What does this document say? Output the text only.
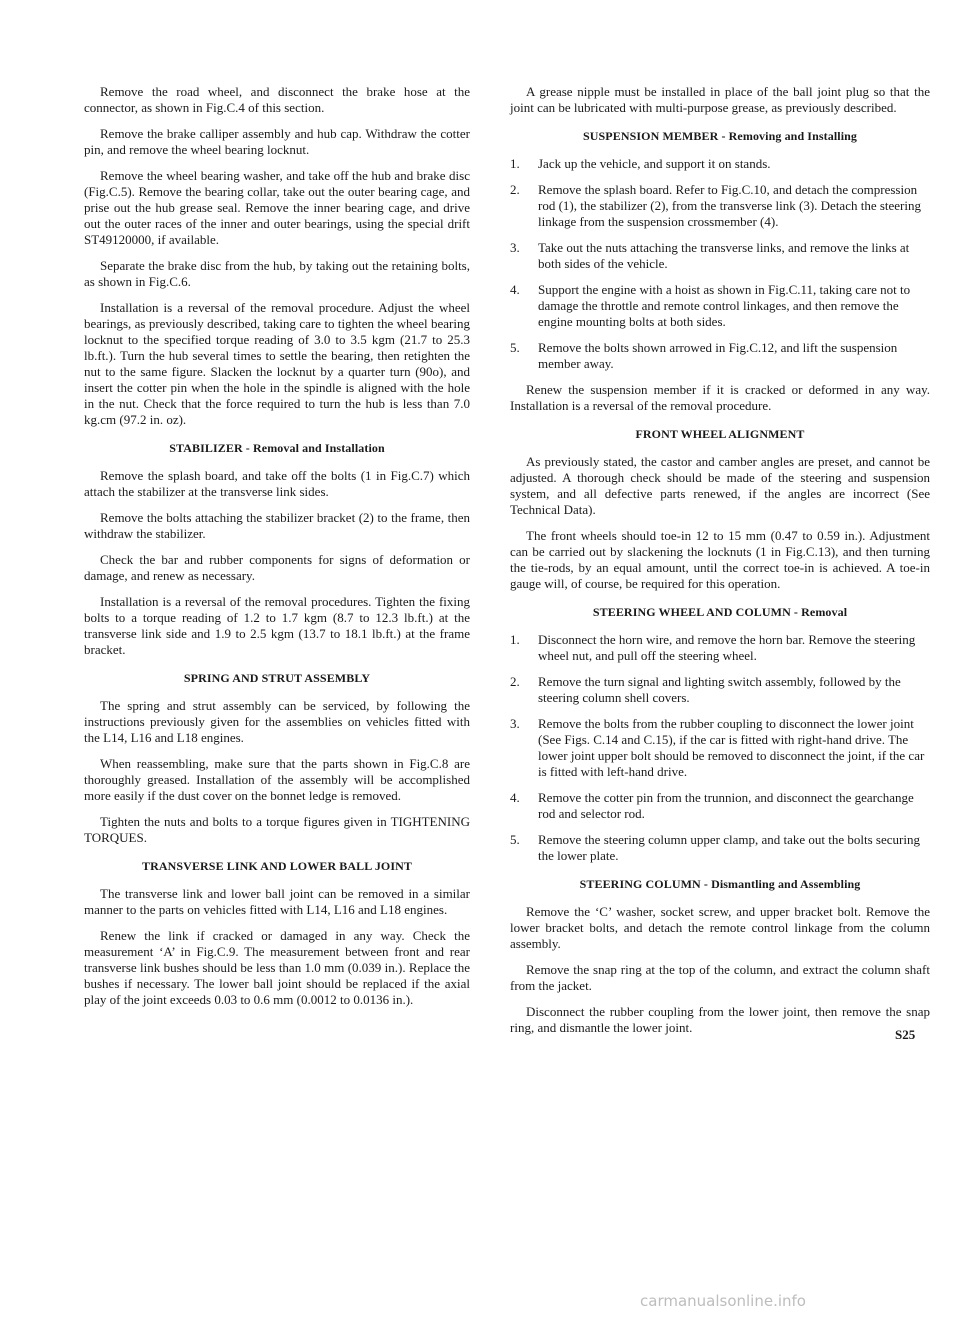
Remove the road wheel, and disconnect the brake hose at the connector, as shown in Fig.C.4 of this section.

Remove the brake calliper assembly and hub cap. Withdraw the cotter pin, and remove the wheel bearing locknut.

Remove the wheel bearing washer, and take off the hub and brake disc (Fig.C.5). Remove the bearing collar, take out the outer bearing cage, and prise out the hub grease seal. Remove the inner bearing cage, and drive out the outer races of the inner and outer bearings, using the special drift ST49120000, if available.

Separate the brake disc from the hub, by taking out the retaining bolts, as shown in Fig.C.6.

Installation is a reversal of the removal procedure. Adjust the wheel bearings, as previously described, taking care to tighten the wheel bearing locknut to the specified torque reading of 3.0 to 3.5 kgm (21.7 to 25.3 lb.ft.). Turn the hub several times to settle the bearing, then retighten the nut to the same figure. Slacken the locknut by a quarter turn (90o), and insert the cotter pin when the hole in the spindle is aligned with the hole in the nut. Check that the force required to turn the hub is less than 7.0 kg.cm (97.2 in. oz).

STABILIZER - Removal and Installation

Remove the splash board, and take off the bolts (1 in Fig.C.7) which attach the stabilizer at the transverse link sides.

Remove the bolts attaching the stabilizer bracket (2) to the frame, then withdraw the stabilizer.

Check the bar and rubber components for signs of deformation or damage, and renew as necessary.

Installation is a reversal of the removal procedures. Tighten the fixing bolts to a torque reading of 1.2 to 1.7 kgm (8.7 to 12.3 lb.ft.) at the transverse link side and 1.9 to 2.5 kgm (13.7 to 18.1 lb.ft.) at the frame bracket.

SPRING AND STRUT ASSEMBLY

The spring and strut assembly can be serviced, by following the instructions previously given for the assemblies on vehicles fitted with the L14, L16 and L18 engines.

When reassembling, make sure that the parts shown in Fig.C.8 are thoroughly greased. Installation of the assembly will be accomplished more easily if the dust cover on the bonnet ledge is removed.

Tighten the nuts and bolts to a torque figures given in TIGHTENING TORQUES.

TRANSVERSE LINK AND LOWER BALL JOINT

The transverse link and lower ball joint can be removed in a similar manner to the parts on vehicles fitted with L14, L16 and L18 engines.

Renew the link if cracked or damaged in any way. Check the measurement ‘A’ in Fig.C.9. The measurement between front and rear transverse link bushes should be less than 1.0 mm (0.039 in.). Replace the bushes if necessary. The lower ball joint should be replaced if the axial play of the joint exceeds 0.03 to 0.6 mm (0.0012 to 0.0136 in.).

A grease nipple must be installed in place of the ball joint plug so that the joint can be lubricated with multi-purpose grease, as previously described.

SUSPENSION MEMBER - Removing and Installing
1.	Jack up the vehicle, and support it on stands.
2.	Remove the splash board. Refer to Fig.C.10, and detach the compression rod (1), the stabilizer (2), from the transverse link (3). Detach the steering linkage from the suspension crossmember (4).
3.	Take out the nuts attaching the transverse links, and remove the links at both sides of the vehicle.
4.	Support the engine with a hoist as shown in Fig.C.11, taking care not to damage the throttle and remote control linkages, and then remove the engine mounting bolts at both sides.
5.	Remove the bolts shown arrowed in Fig.C.12, and lift the suspension member away.

Renew the suspension member if it is cracked or deformed in any way. Installation is a reversal of the removal procedure.

FRONT WHEEL ALIGNMENT

As previously stated, the castor and camber angles are preset, and cannot be adjusted. A thorough check should be made of the steering and suspension system, and all defective parts renewed, if the angles are incorrect (See Technical Data).

The front wheels should toe-in 12 to 15 mm (0.47 to 0.59 in.). Adjustment can be carried out by slackening the locknuts (1 in Fig.C.13), and then turning the tie-rods, by an equal amount, until the correct toe-in is achieved. A toe-in gauge will, of course, be required for this operation.

STEERING WHEEL AND COLUMN - Removal
1.	Disconnect the horn wire, and remove the horn bar. Remove the steering wheel nut, and pull off the steering wheel.
2.	Remove the turn signal and lighting switch assembly, followed by the steering column shell covers.
3.	Remove the bolts from the rubber coupling to disconnect the lower joint (See Figs. C.14 and C.15), if the car is fitted with right-hand drive. The lower joint upper bolt should be removed to disconnect the joint, if the car is fitted with left-hand drive.
4.	Remove the cotter pin from the trunnion, and disconnect the gearchange rod and selector rod.
5.	Remove the steering column upper clamp, and take out the bolts securing the lower plate.
STEERING COLUMN - Dismantling and Assembling

Remove the ‘C’ washer, socket screw, and upper bracket bolt. Remove the lower bracket bolts, and detach the remote control linkage from the column assembly.

Remove the snap ring at the top of the column, and extract the column shaft from the jacket.

Disconnect the rubber coupling from the lower joint, then remove the snap ring, and dismantle the lower joint.	S25
carmanualsonline.info
